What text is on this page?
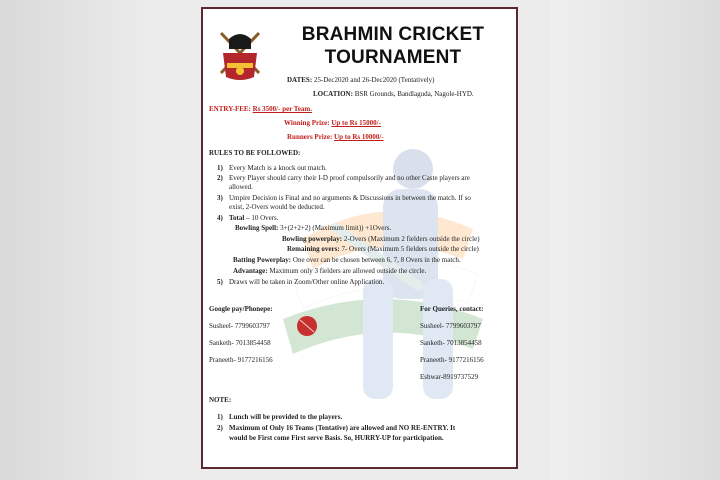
BRAHMIN CRICKET
TOURNAMENT
DATES: 25-Dec2020 and 26-Dec2020 (Tentatively)
LOCATION: BSR Grounds, Bandlaguda, Nagole-HYD.
ENTRY-FEE: Rs 3500/- per Team.
Winning Prize: Up to Rs 15000/-
Runners Prize: Up to Rs 10000/-
RULES TO BE FOLLOWED:
1) Every Match is a knock out match.
2) Every Player should carry their I-D proof compulsorily and no other Caste players are
allowed.
3) Umpire Decision is Final and no arguments & Discussions in between the match. If so
exist, 2-Overs would be deducted.
4) Total – 10 Overs.
Bowling Spell: 3+(2+2+2) (Maximum limit)) +1Overs.
Bowling powerplay: 2-Overs (Maximum 2 fielders outside the circle)
Remaining overs: 7- Overs (Maximum 5 fielders outside the circle)
Batting Powerplay: One over can be chosen between 6, 7, 8 Overs in the match.
Advantage: Maximum only 3 fielders are allowed outside the circle.
5) Draws will be taken in Zoom/Other online Application.
Google pay/Phonepe:
Susheel- 7799603797
Sanketh- 7013854458
Praneeth- 9177216156
For Queries, contact:
Susheel- 7799603797
Sanketh- 7013854458
Praneeth- 9177216156
Eshwar-8919737529
NOTE:
1) Lunch will be provided to the players.
2) Maximum of Only 16 Teams (Tentative) are allowed and NO RE-ENTRY. It
would be First come First serve Basis. So, HURRY-UP for participation.
